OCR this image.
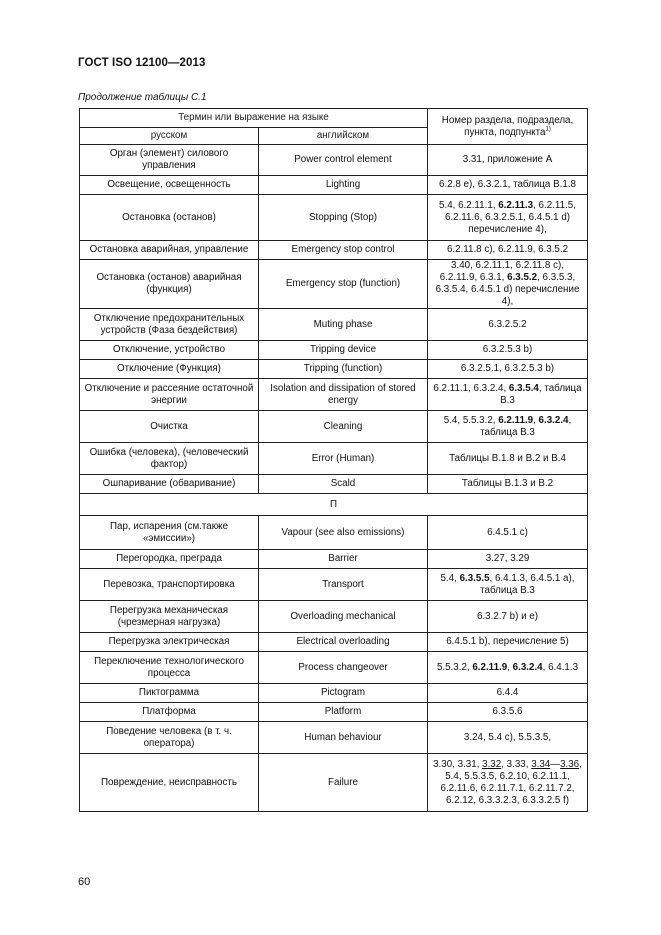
ГОСТ ISO 12100—2013
Продолжение таблицы С.1
Термин или выражение на языке		Номер раздела, подраздела, пункта, подпункта$^{1)}$
русском	английском	
Орган (элемент) силового управления	Power control element	3.31, приложение А
Освещение, освещенность	Lighting	6.2.8 е), 6.3.2.1, таблица В.1.8
Остановка (останов)	Stopping (Stop)	5.4, 6.2.11.1, 6.2.11.3, 6.2.11.5, 6.2.11.6, 6.3.2.5.1, 6.4.5.1 d) перечисление 4),
Остановка аварийная, управление	Emergency stop control	6.2.11.8 c), 6.2.11.9, 6.3.5.2
Остановка (останов) аварийная (функция)	Emergency stop (function)	3.40, 6.2.11.1, 6.2.11.8 c), 6.2.11.9, 6.3.1, 6.3.5.2, 6.3.5.3, 6.3.5.4, 6.4.5.1 d) перечисление 4),
Отключение предохранительных устройств (Фаза бездействия)	Muting phase	6.3.2.5.2
Отключение, устройство	Tripping device	6.3.2.5.3 b)
Отключение (Функция)	Tripping (function)	6.3.2.5.1, 6.3.2.5.3 b)
Отключение и рассеяние остаточной энергии	Isolation and dissipation of stored energy	6.2.11.1, 6.3.2.4, 6.3.5.4, таблица В.3
Очистка	Cleaning	5.4, 5.5.3.2, 6.2.11.9, 6.3.2.4, таблица В.3
Ошибка (человека), (человеческий фактор)	Error (Human)	Таблицы В.1.8 и В.2 и В.4
Ошпаривание (обваривание)	Scald	Таблицы В.1.3 и В.2
П		
Пар, испарения (см.также «эмиссии»)	Vapour (see also emissions)	6.4.5.1 c)
Перегородка, преграда	Barrier	3.27, 3.29
Перевозка, транспортировка	Transport	5.4, 6.3.5.5, 6.4.1.3, 6.4.5.1 a), таблица В.3
Перегрузка механическая (чрезмерная нагрузка)	Overloading mechanical	6.3.2.7 b) и e)
Перегрузка электрическая	Electrical overloading	6.4.5.1 b), перечисление 5)
Переключение технологического процесса	Process changeover	5.5.3.2, 6.2.11.9, 6.3.2.4, 6.4.1.3
Пиктограмма	Pictogram	6.4.4
Платформа	Platform	6.3.5.6
Поведение человека (в т. ч. оператора)	Human behaviour	3.24, 5.4 c), 5.5.3.5,
Повреждение, неисправность	Failure	3.30, 3.31, 3.32, 3.33, 3.34—3.36, 5.4, 5.5.3.5, 6.2.10, 6.2.11.1, 6.2.11.6, 6.2.11.7.1, 6.2.11.7.2, 6.2.12, 6.3.3.2.3, 6.3.3.2.5 f)
60
